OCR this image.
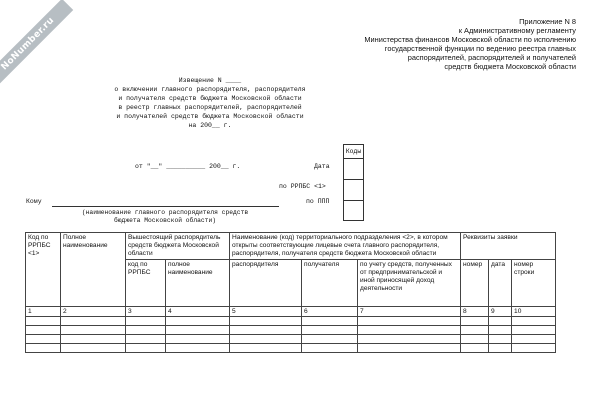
NoNumber.ru	Приложение N 8
к Административному регламенту
Министерства финансов Московской области по исполнению
государственной функции по ведению реестра главных
распорядителей, распорядителей и получателей
средств бюджета Московской области
Извещение N ____
о включении главного распорядителя, распорядителя
и получателя средств бюджета Московской области
в реестр главных распорядителей, распорядителей
и получателей средств бюджета Московской области
на 200__ г.
Коды
от "__" __________ 200__ г.	Дата
по РРПБС <1>
по ППП
Кому
(наименование главного распорядителя средств
бюджета Московской области)
Код по РРПБС <1>	Полное наименование	Вышестоящий распорядитель средств бюджета Московской области		Наименование (код) территориального подразделения <2>, в котором открыты соответствующие лицевые счета главного распорядителя, распорядителя, получателя средств бюджета Московской области			Реквизиты заявки		
		код по РРПБС	полное наименование	распорядителя	получателя	по учету средств, полученных от предпринимательской и иной приносящей доход деятельности	номер	дата	номер строки
1	2	3	4	5	6	7	8	9	10
